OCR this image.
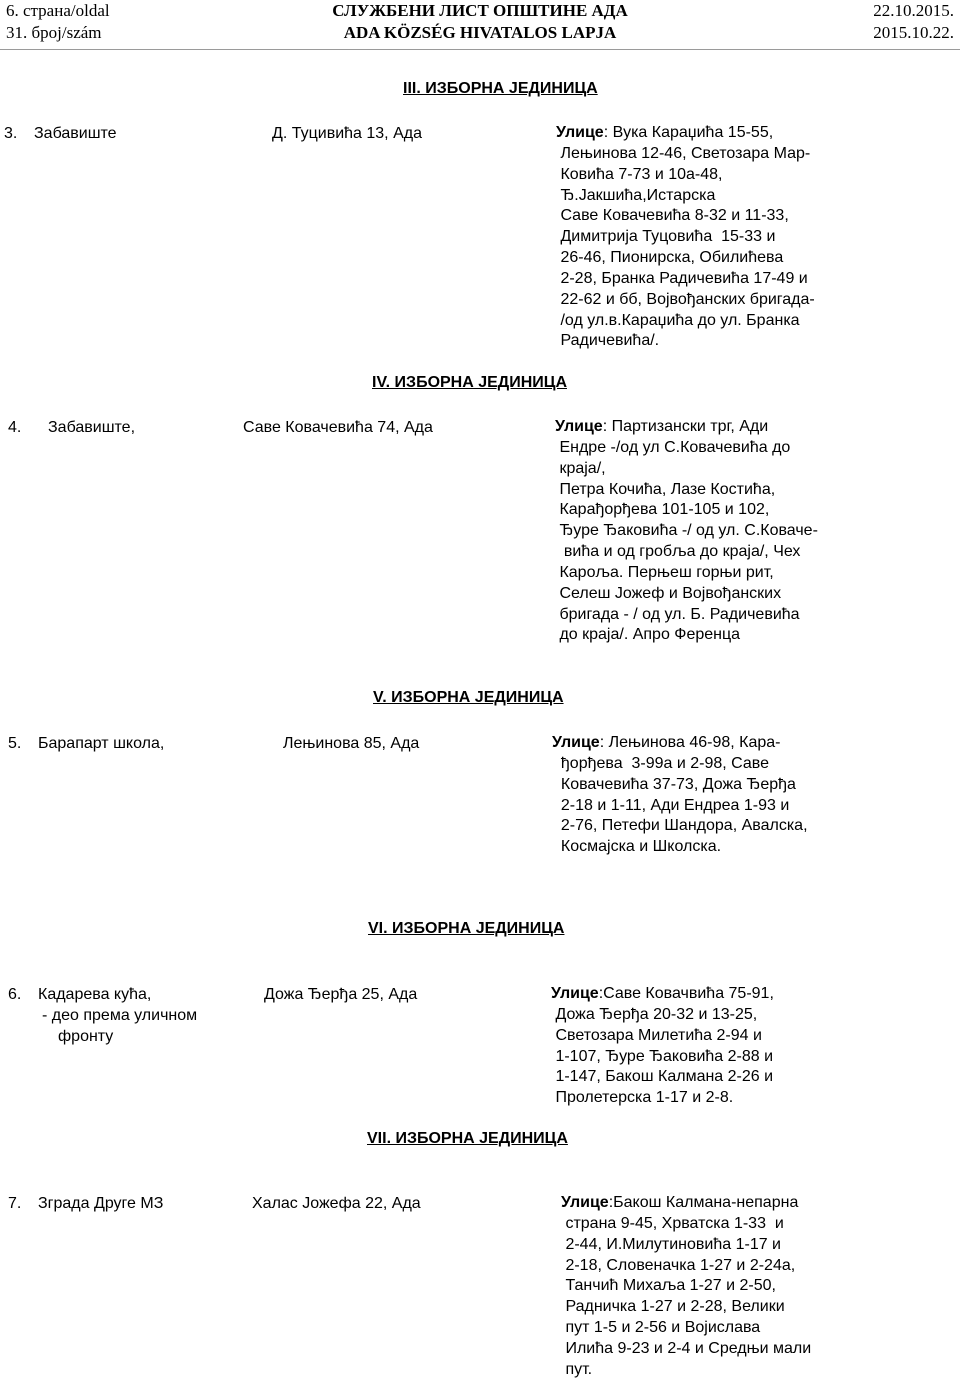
6. страна/oldal
31. број/szám
СЛУЖБЕНИ ЛИСТ ОПШТИНЕ АДА
ADA KÖZSÉG HIVATALOS LAPJA
22.10.2015.
2015.10.22.
III. ИЗБОРНА ЈЕДИНИЦА
3. Забавиште	Д. Туцивића 13, Ада	Улице: Вука Караџића 15-55,
Лењинова 12-46, Светозара Мар-
Ковића 7-73 и 10а-48,
Ђ.Јакшића,Истарска
Саве Ковачевића 8-32 и 11-33,
Димитрија Туцовића  15-33 и
26-46, Пионирска, Обилићева
2-28, Бранка Радичевића 17-49 и
22-62 и бб, Војвођанских бригада-
/од ул.в.Караџића до ул. Бранка
Радичевића/.
IV. ИЗБОРНА ЈЕДИНИЦА
4. Забавиште,	Саве Ковачевића 74, Ада	Улице: Партизански трг, Ади
Ендре -/од ул С.Ковачевића до
краја/,
Петра Кочића, Лазе Костића,
Карађорђева 101-105 и 102,
Ђуре Ђаковића -/ од ул. С.Коваче-
вића и од гробља до краја/, Чех
Карољa. Перњеш горњи рит,
Селеш Јожеф и Војвођанских
бригада - / од ул. Б. Радичевића
до краја/. Апро Ференца
V. ИЗБОРНА ЈЕДИНИЦА
5. Барапарт школа,	Лењинова 85, Ада	Улице: Лењинова 46-98, Кара-
ђорђева  3-99а и 2-98, Саве
Ковачевића 37-73, Дожа Ђерђа
2-18 и 1-11, Ади Ендреа 1-93 и
2-76, Петефи Шандора, Авалска,
Космајска и Школска.
VI. ИЗБОРНА ЈЕДИНИЦА
6. Кадарева кућа,
- део према уличном
фронту
Дожа Ђерђа 25, Ада	Улице:Саве Ковачвића 75-91,
Дожа Ђерђа 20-32 и 13-25,
Светозара Милетића 2-94 и
1-107, Ђуре Ђаковића 2-88 и
1-147, Бакош Калмана 2-26 и
Пролетерска 1-17 и 2-8.
VII. ИЗБОРНА ЈЕДИНИЦА
7. Зграда Друге МЗ	Халас Јожефа 22, Ада	Улице:Бакош Калмана-непарна
страна 9-45, Хрватска 1-33  и
2-44, И.Милутиновића 1-17 и
2-18, Словеначка 1-27 и 2-24а,
Танчић Михаља 1-27 и 2-50,
Радничка 1-27 и 2-28, Велики
пут 1-5 и 2-56 и Војислава
Илића 9-23 и 2-4 и Средњи мали
пут.
